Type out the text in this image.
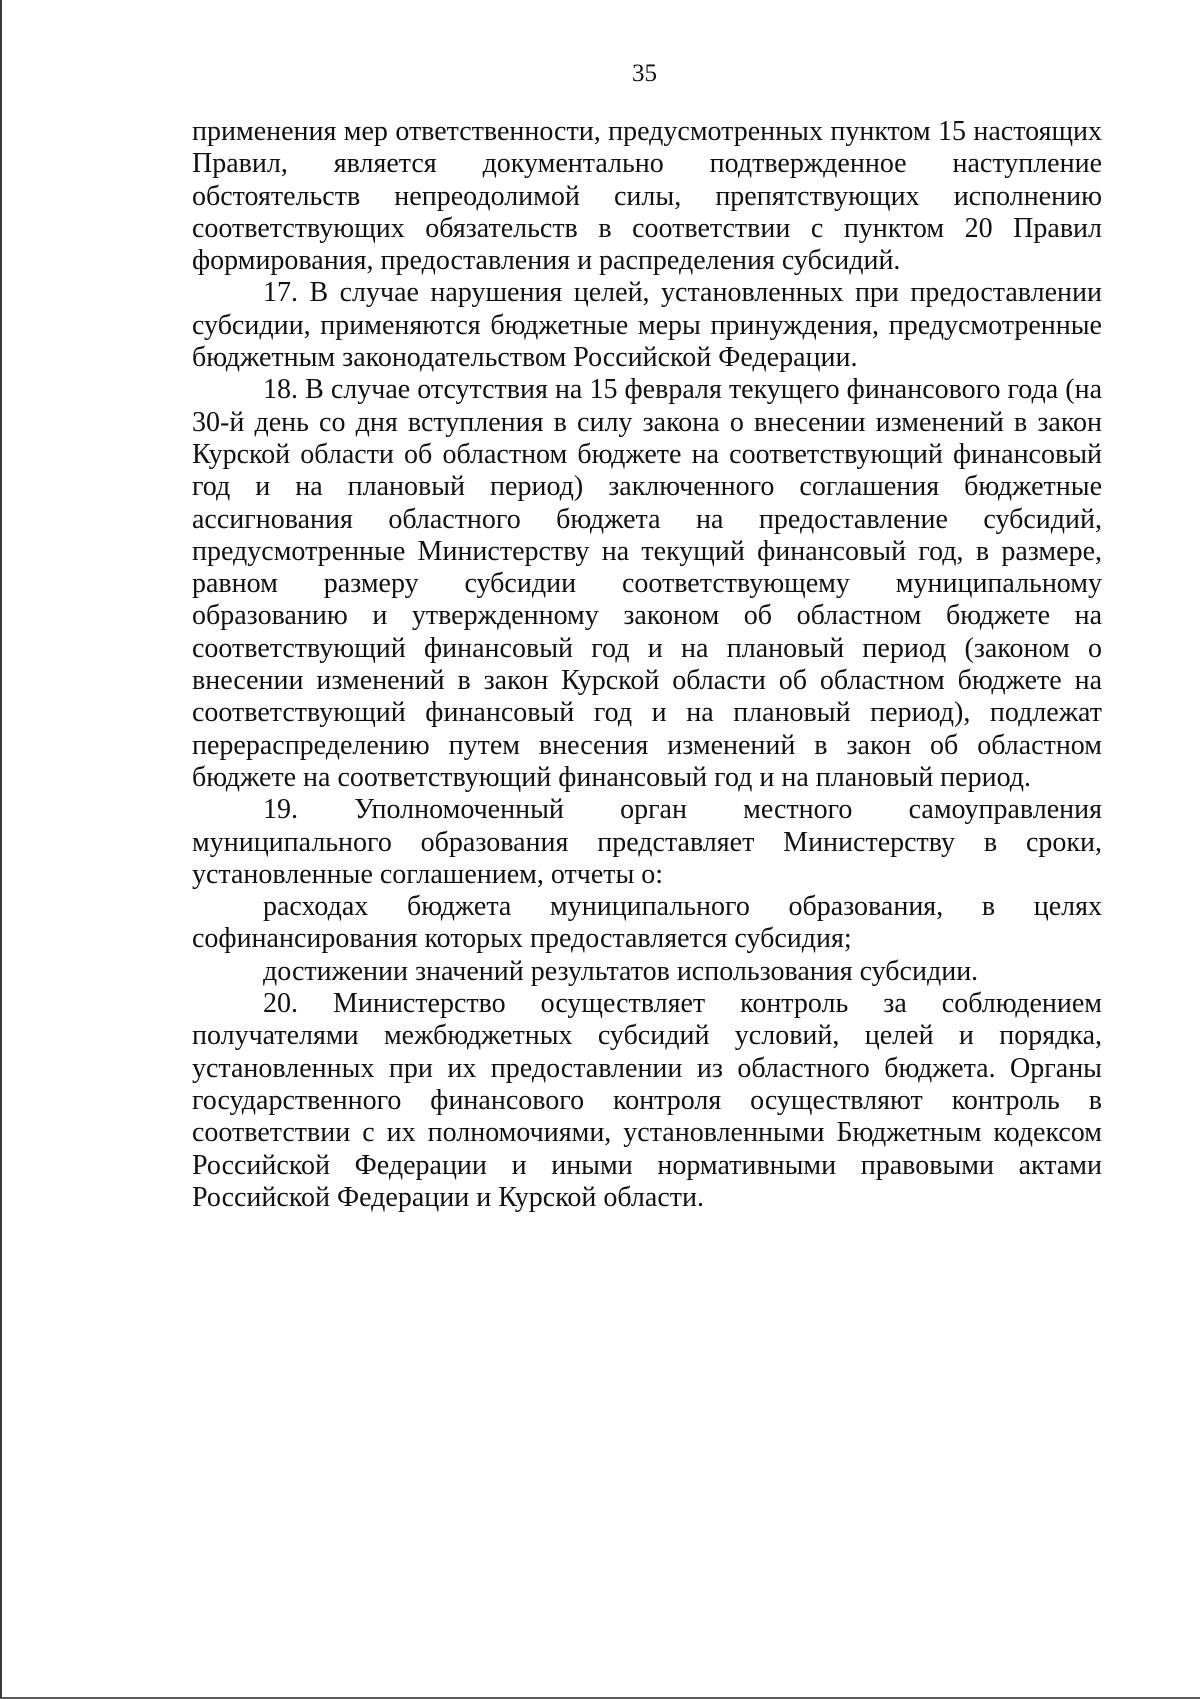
35

применения мер ответственности, предусмотренных пунктом 15 настоящих Правил, является документально подтвержденное наступление обстоятельств непреодолимой силы, препятствующих исполнению соответствующих обязательств в соответствии с пунктом 20 Правил формирования, предоставления и распределения субсидий.

17. В случае нарушения целей, установленных при предоставлении субсидии, применяются бюджетные меры принуждения, предусмотренные бюджетным законодательством Российской Федерации.

18. В случае отсутствия на 15 февраля текущего финансового года (на 30-й день со дня вступления в силу закона о внесении изменений в закон Курской области об областном бюджете на соответствующий финансовый год и на плановый период) заключенного соглашения бюджетные ассигнования областного бюджета на предоставление субсидий, предусмотренные Министерству на текущий финансовый год, в размере, равном размеру субсидии соответствующему муниципальному образованию и утвержденному законом об областном бюджете на соответствующий финансовый год и на плановый период (законом о внесении изменений в закон Курской области об областном бюджете на соответствующий финансовый год и на плановый период), подлежат перераспределению путем внесения изменений в закон об областном бюджете на соответствующий финансовый год и на плановый период.

19. Уполномоченный орган местного самоуправления муниципального образования представляет Министерству в сроки, установленные соглашением, отчеты о:

расходах бюджета муниципального образования, в целях софинансирования которых предоставляется субсидия;

достижении значений результатов использования субсидии.

20. Министерство осуществляет контроль за соблюдением получателями межбюджетных субсидий условий, целей и порядка, установленных при их предоставлении из областного бюджета. Органы государственного финансового контроля осуществляют контроль в соответствии с их полномочиями, установленными Бюджетным кодексом Российской Федерации и иными нормативными правовыми актами Российской Федерации и Курской области.
